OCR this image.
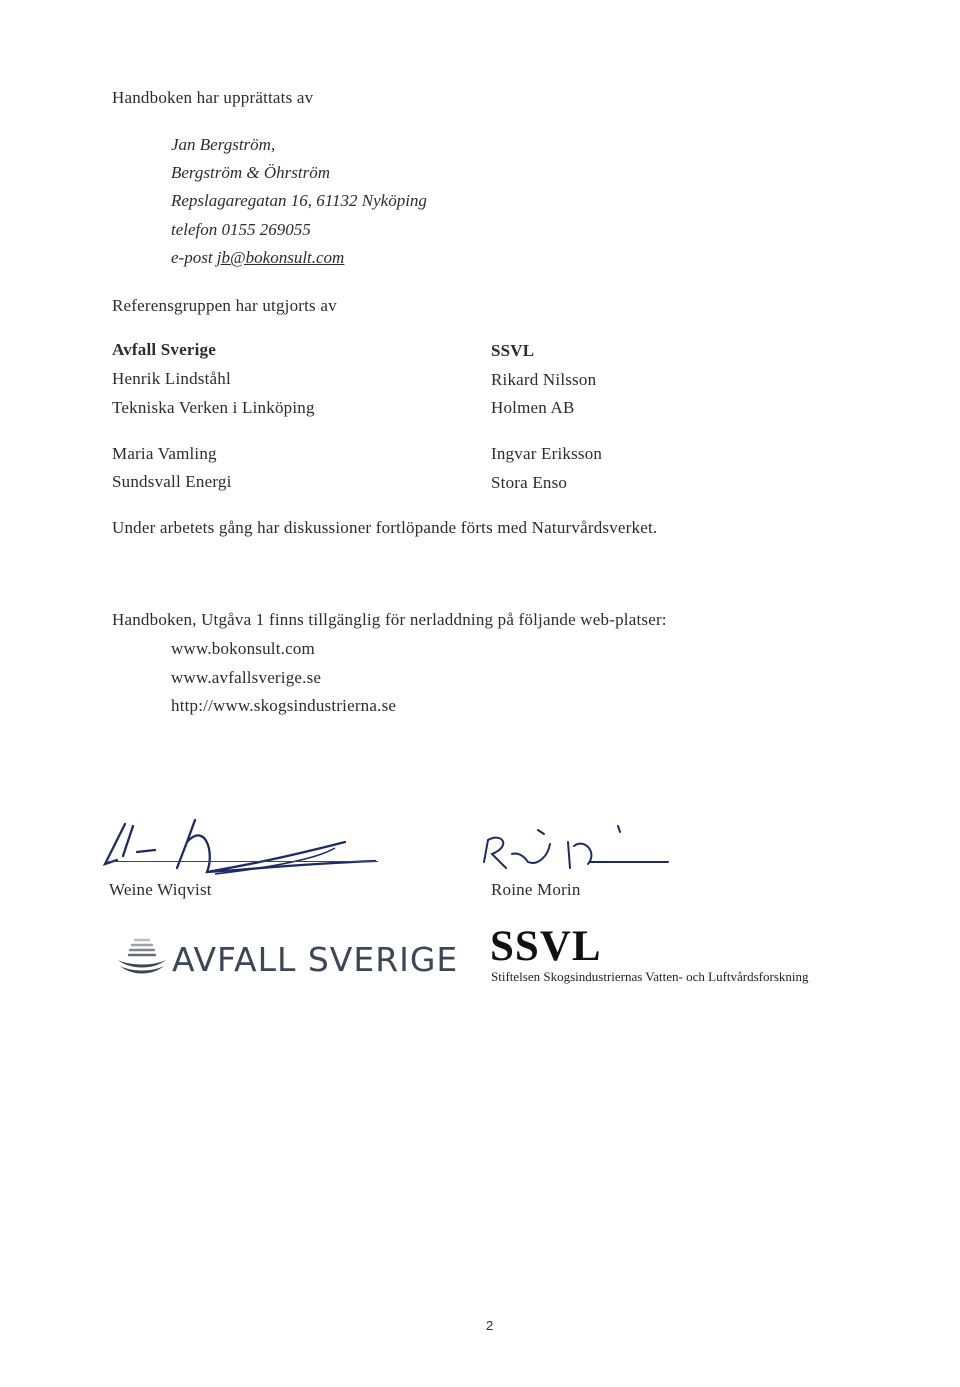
Handboken har upprättats av
Jan Bergström,
Bergström & Öhrström
Repslagaregatan 16, 61132 Nyköping
telefon 0155 269055
e-post jb@bokonsult.com
Referensgruppen har utgjorts av
Avfall Sverige
Henrik Lindståhl
Tekniska Verken i Linköping
Maria Vamling
Sundsvall Energi
SSVL
Rikard Nilsson
Holmen AB
Ingvar Eriksson
Stora Enso
Under arbetets gång har diskussioner fortlöpande förts med Naturvårdsverket.
Handboken, Utgåva 1 finns tillgänglig för nerladdning på följande web-platser:
www.bokonsult.com
www.avfallsverige.se
http://www.skogsindustrierna.se
Weine Wiqvist	Roine Morin
AVFALL SVERIGE SSVL
Stiftelsen Skogsindustriernas Vatten- och Luftvårdsforskning
2
